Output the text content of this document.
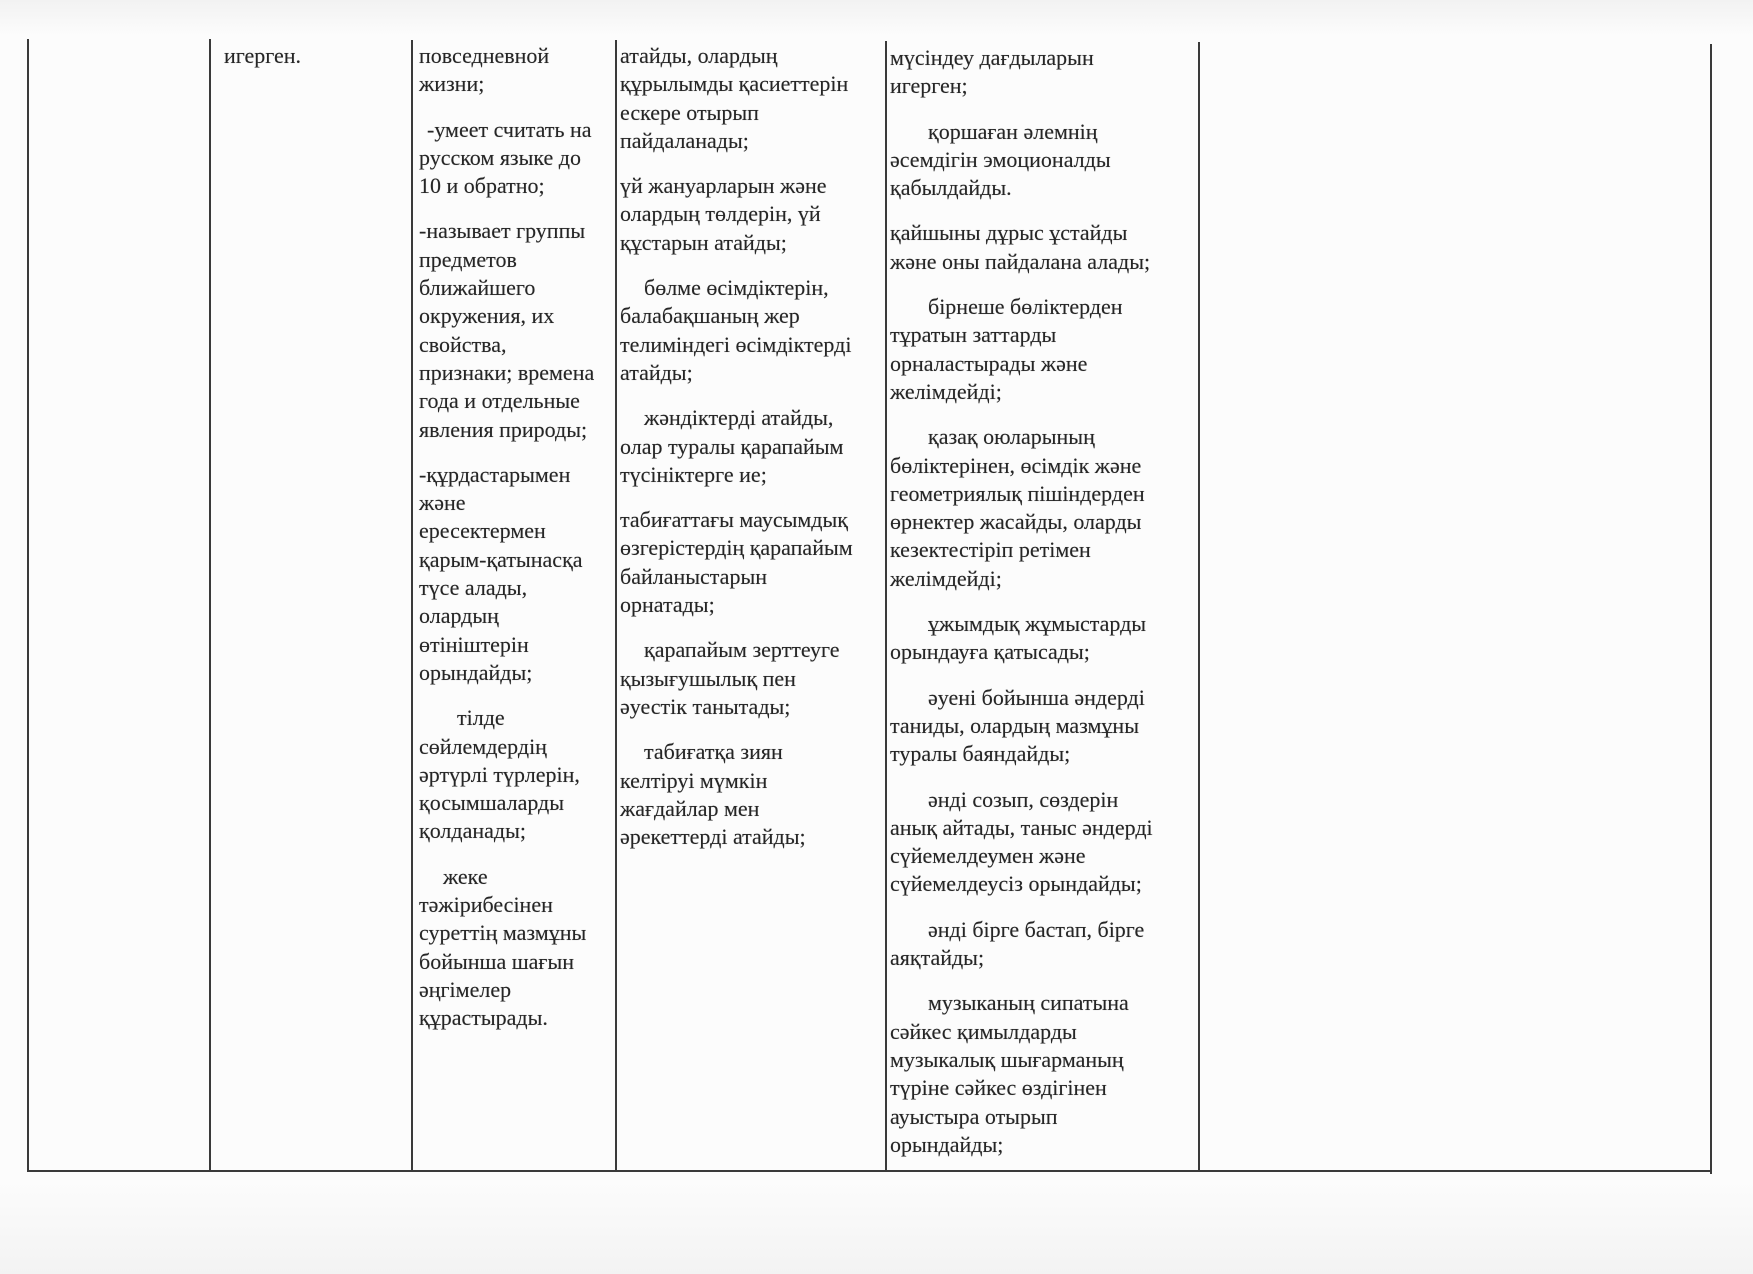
игерген.	повседневной
жизни;

-умеет считать на
русском языке до
10 и обратно;

-называет группы
предметов
ближайшего
окружения, их
свойства,
признаки; времена
года и отдельные
явления природы;

-құрдастарымен
және
ересектермен
қарым-қатынасқа
түсе алады,
олардың
өтініштерін
орындайды;

тілде
сөйлемдердің
әртүрлі түрлерін,
қосымшаларды
қолданады;

жеке
тәжірибесінен
суреттің мазмұны
бойынша шағын
әңгімелер
құрастырады.

атайды, олардың
құрылымды қасиеттерін
ескере отырып
пайдаланады;

үй жануарларын және
олардың төлдерін, үй
құстарын атайды;

бөлме өсімдіктерін,
балабақшаның жер
телиміндегі өсімдіктерді
атайды;

жәндіктерді атайды,
олар туралы қарапайым
түсініктерге ие;

табиғаттағы маусымдық
өзгерістердің қарапайым
байланыстарын
орнатады;

қарапайым зерттеуге
қызығушылық пен
әуестік танытады;

табиғатқа зиян
келтіруі мүмкін
жағдайлар мен
әрекеттерді атайды;

мүсіндеу дағдыларын
игерген;

қоршаған әлемнің
әсемдігін эмоционалды
қабылдайды.

қайшыны дұрыс ұстайды
және оны пайдалана алады;

бірнеше бөліктерден
тұратын заттарды
орналастырады және
желімдейді;

қазақ оюларының
бөліктерінен, өсімдік және
геометриялық пішіндерден
өрнектер жасайды, оларды
кезектестіріп ретімен
желімдейді;

ұжымдық жұмыстарды
орындауға қатысады;

әуені бойынша әндерді
таниды, олардың мазмұны
туралы баяндайды;

әнді созып, сөздерін
анық айтады, таныс әндерді
сүйемелдеумен және
сүйемелдеусіз орындайды;

әнді бірге бастап, бірге
аяқтайды;

музыканың сипатына
сәйкес қимылдарды
музыкалық шығарманың
түріне сәйкес өздігінен
ауыстыра отырып
орындайды;
